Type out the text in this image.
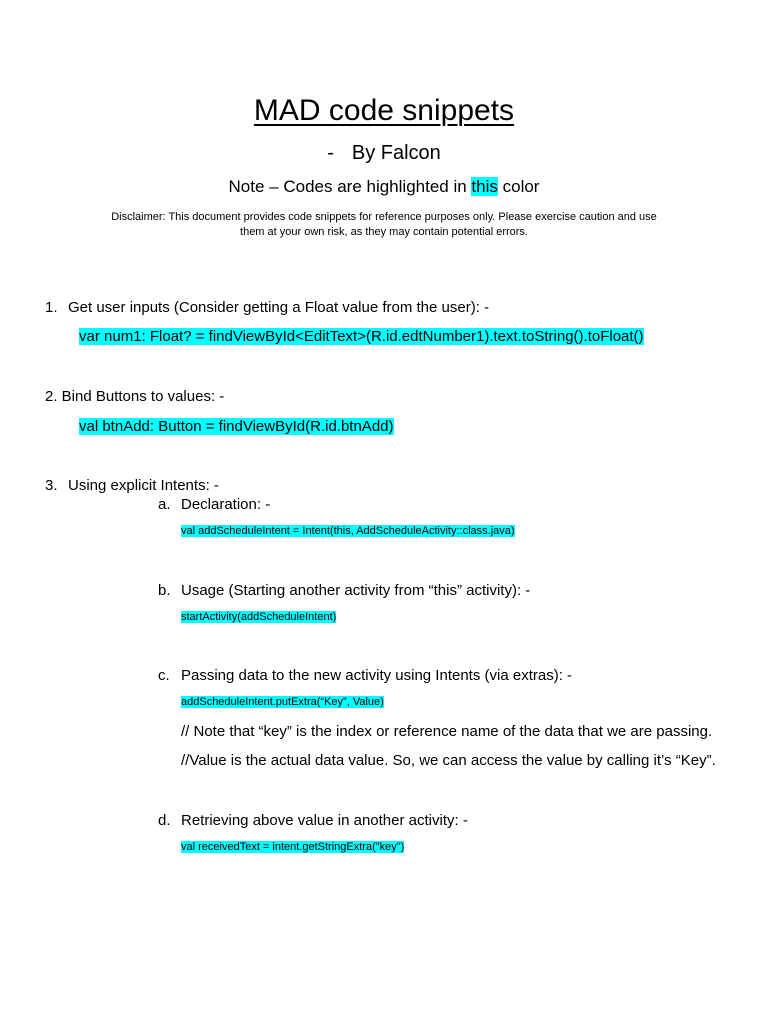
MAD code snippets
- By Falcon
Note – Codes are highlighted in this color
Disclaimer: This document provides code snippets for reference purposes only. Please exercise caution and use
them at your own risk, as they may contain potential errors.
1. Get user inputs (Consider getting a Float value from the user): -
var num1: Float? = findViewById<EditText>(R.id.edtNumber1).text.toString().toFloat()
2. Bind Buttons to values: -
val btnAdd: Button = findViewById(R.id.btnAdd)
3. Using explicit Intents: -
a. Declaration: -
val addScheduleIntent = Intent(this, AddScheduleActivity::class.java)
b. Usage (Starting another activity from “this” activity): -
startActivity(addScheduleIntent)
c. Passing data to the new activity using Intents (via extras): -
addScheduleIntent.putExtra(“Key”, Value)
// Note that “key” is the index or reference name of the data that we are passing.
//Value is the actual data value. So, we can access the value by calling it’s “Key”.
d. Retrieving above value in another activity: -
val receivedText = intent.getStringExtra("key")
